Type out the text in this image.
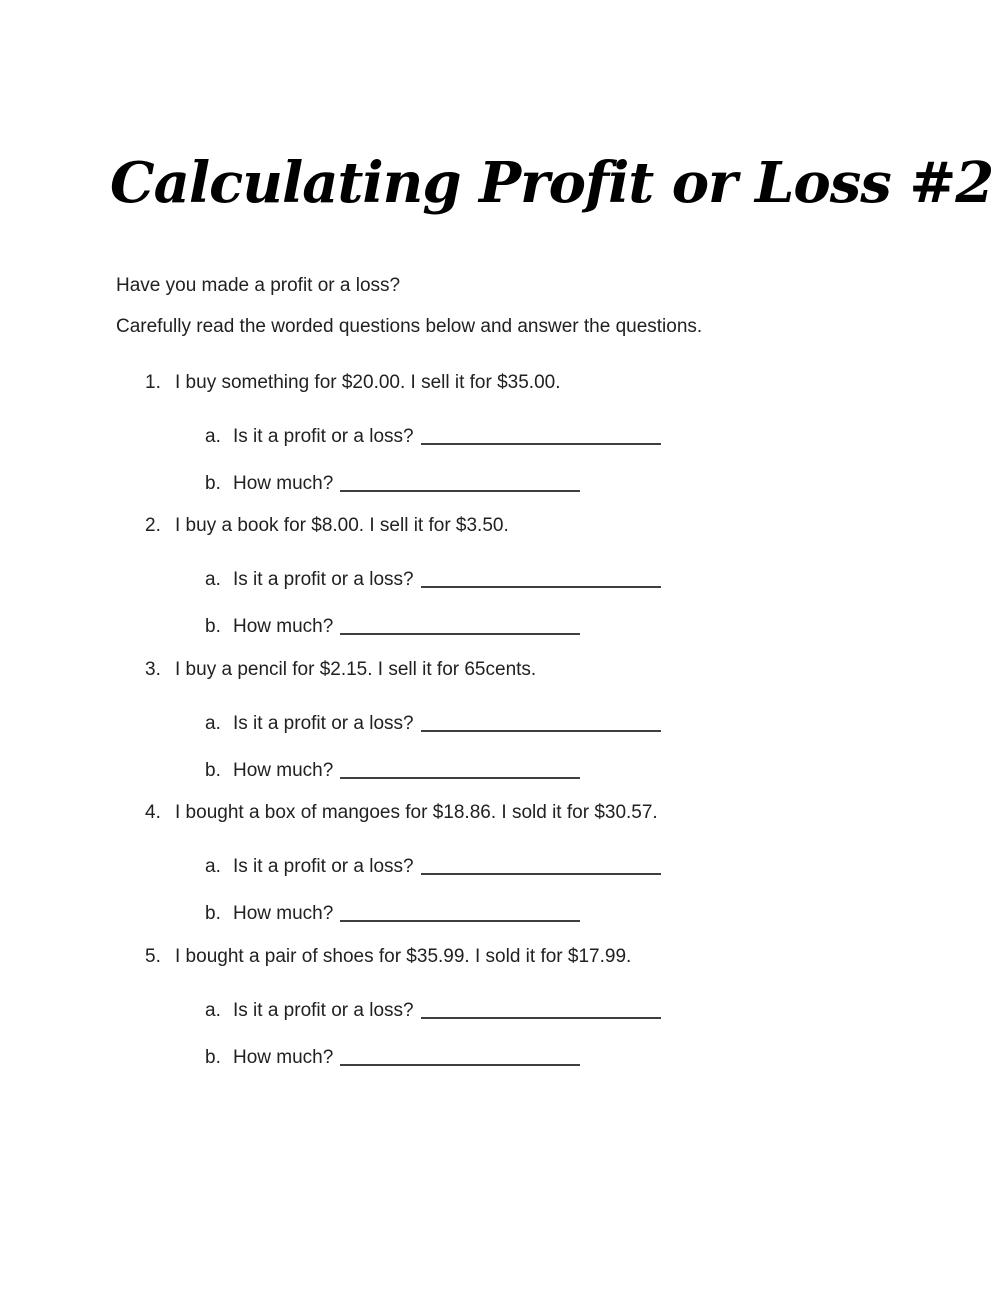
Calculating Profit or Loss #2

Have you made a profit or a loss?

Carefully read the worded questions below and answer the questions.

1. I buy something for $20.00. I sell it for $35.00.
a. Is it a profit or a loss?
b. How much?
2. I buy a book for $8.00. I sell it for $3.50.
a. Is it a profit or a loss?
b. How much?
3. I buy a pencil for $2.15. I sell it for 65cents.
a. Is it a profit or a loss?
b. How much?
4. I bought a box of mangoes for $18.86. I sold it for $30.57.
a. Is it a profit or a loss?
b. How much?
5. I bought a pair of shoes for $35.99. I sold it for $17.99.
a. Is it a profit or a loss?
b. How much?
